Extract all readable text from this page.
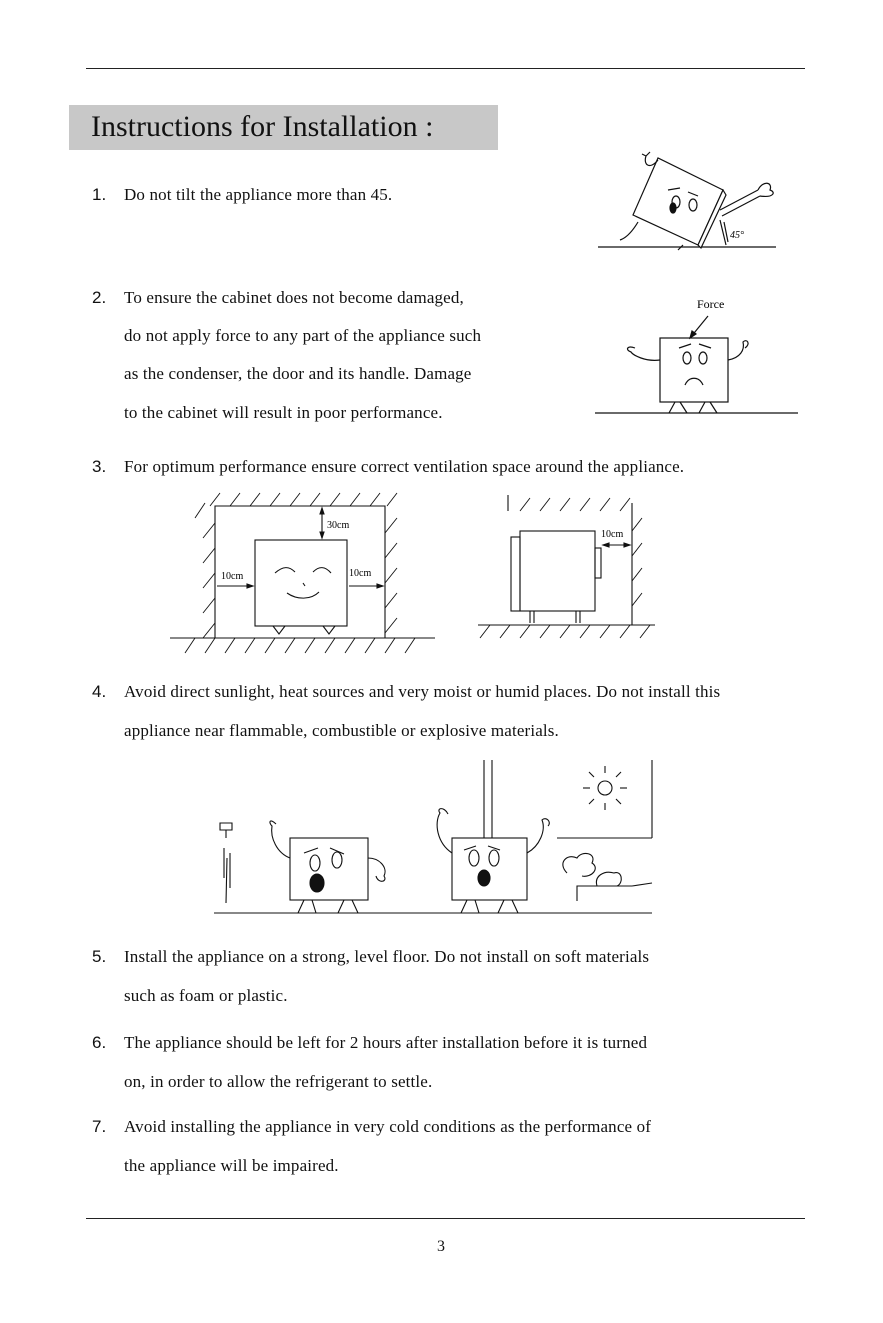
Instructions for Installation :
1. Do not tilt the appliance more than 45.
2. To ensure the cabinet does not become damaged,
do not apply force to any part of the appliance such
as the condenser, the door and its handle. Damage
to the cabinet will result in poor performance.
3. For optimum performance ensure correct ventilation space around the appliance.
4. Avoid direct sunlight, heat sources and very moist or humid places. Do not install this
appliance near flammable, combustible or explosive materials.
5. Install the appliance on a strong, level floor. Do not install on soft materials
such as foam or plastic.
6. The appliance should be left for 2 hours after installation before it is turned
on, in order to allow the refrigerant to settle.
7. Avoid installing the appliance in very cold conditions as the performance of
the appliance will be impaired.
45°
Force
30cm
10cm	10cm
10cm
3
